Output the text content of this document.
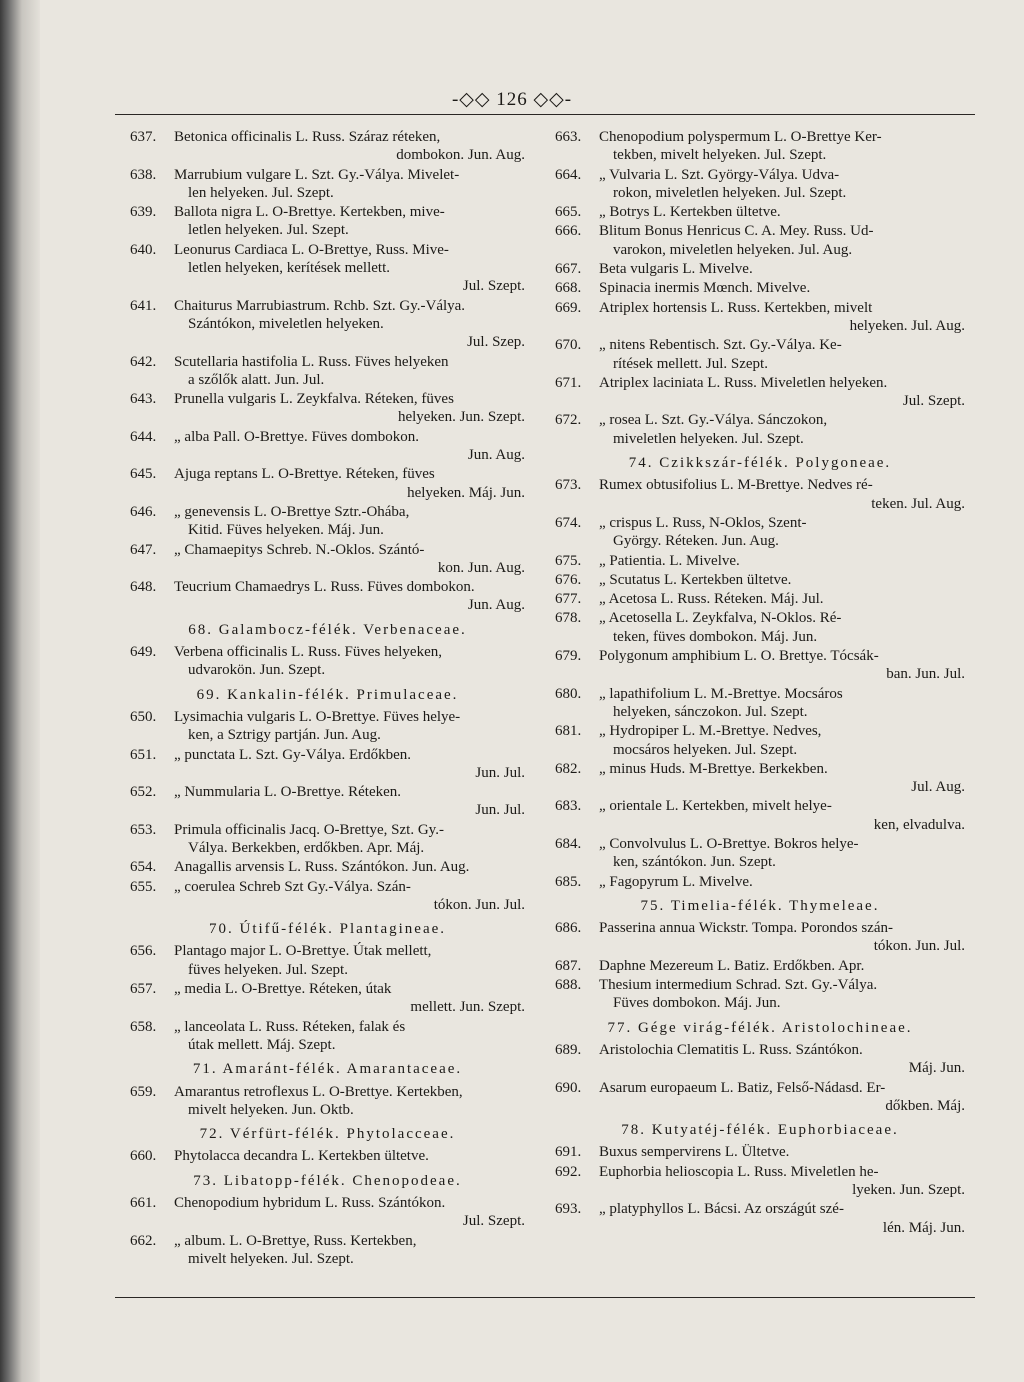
-◇◇ 126 ◇◇-
637. Betonica officinalis L. Russ. Száraz réteken,
dombokon. Jun. Aug.
638. Marrubium vulgare L. Szt. Gy.-Vályа. Mivelet-
len helyeken. Jul. Szept.
639. Ballota nigra L. O-Brettye. Kertekben, mive-
letlen helyeken. Jul. Szept.
640. Leonurus Cardiaca L. O-Brettye, Russ. Mive-
letlen helyeken, kerítések mellett.
Jul. Szept.
641. Chaiturus Marrubiastrum. Rchb. Szt. Gy.-Vályа.
Szántókon, miveletlen helyeken.
Jul. Szep.
642. Scutellaria hastifolia L. Russ. Füves helyeken
a szőlők alatt. Jun. Jul.
643. Prunella vulgaris L. Zeykfalva. Réteken, füves
helyeken. Jun. Szept.
644. „ alba Pall. O-Brettye. Füves dombokon.
Jun. Aug.
645. Ajuga reptans L. O-Brettye. Réteken, füves
helyeken. Máj. Jun.
646. „ genevensis L. O-Brettye Sztr.-Ohába,
Kitid. Füves helyeken. Máj. Jun.
647. „ Chamaepitys Schreb. N.-Oklos. Szántó-
kon. Jun. Aug.
648. Teucrium Chamaedrys L. Russ. Füves dombokon.
Jun. Aug.
68. Galambocz-félék. Verbenaceae.
649. Verbena officinalis L. Russ. Füves helyeken,
udvarokön. Jun. Szept.
69. Kankalin-félék. Primulaceae.
650. Lysimachia vulgaris L. O-Brettye. Füves helye-
ken, a Sztrigy partján. Jun. Aug.
651. „ punctata L. Szt. Gy-Vályа. Erdőkben.
Jun. Jul.
652. „ Nummularia L. O-Brettye. Réteken.
Jun. Jul.
653. Primula officinalis Jacq. O-Brettye, Szt. Gy.-
Vályа. Berkekben, erdőkben. Apr. Máj.
654. Anagallis arvensis L. Russ. Szántókon. Jun. Aug.
655. „ coerulea Schreb Szt Gy.-Vályа. Szán-
tókon. Jun. Jul.
70. Útifű-félék. Plantagineae.
656. Plantago major L. O-Brettye. Útak mellett,
füves helyeken. Jul. Szept.
657. „ media L. O-Brettye. Réteken, útak
mellett. Jun. Szept.
658. „ lanceolata L. Russ. Réteken, falak és
útak mellett. Máj. Szept.
71. Amaránt-félék. Amarantaceae.
659. Amarantus retroflexus L. O-Brettye. Kertekben,
mivelt helyeken. Jun. Oktb.
72. Vérfürt-félék. Phytolacceae.
660. Phytolacca decandra L. Kertekben ültetve.
73. Libatopp-félék. Chenopodeae.
661. Chenopodium hybridum L. Russ. Szántókon.
Jul. Szept.
662. „ album. L. O-Brettye, Russ. Kertekben,
mivelt helyeken. Jul. Szept.
663. Chenopodium polyspermum L. O-Brettye Ker-
tekben, mivelt helyeken. Jul. Szept.
664. „ Vulvaria L. Szt. György-Vályа. Udva-
rokon, miveletlen helyeken. Jul. Szept.
665. „ Botrys L. Kertekben ültetve.
666. Blitum Bonus Henricus C. A. Mey. Russ. Ud-
varokon, miveletlen helyeken. Jul. Aug.
667. Beta vulgaris L. Mivelve.
668. Spinacia inermis Mœnch. Mivelve.
669. Atriplex hortensis L. Russ. Kertekben, mivelt
helyeken. Jul. Aug.
670. „ nitens Rebentisch. Szt. Gy.-Vályа. Ke-
rítések mellett. Jul. Szept.
671. Atriplex laciniata L. Russ. Miveletlen helyeken.
Jul. Szept.
672. „ rosea L. Szt. Gy.-Vályа. Sánczokon,
miveletlen helyeken. Jul. Szept.
74. Czikkszár-félék. Polygoneae.
673. Rumex obtusifolius L. M-Brettye. Nedves ré-
teken. Jul. Aug.
674. „ crispus L. Russ, N-Oklos, Szent-
György. Réteken. Jun. Aug.
675. „ Patientia. L. Mivelve.
676. „ Scutatus L. Kertekben ültetve.
677. „ Acetosa L. Russ. Réteken. Máj. Jul.
678. „ Acetosella L. Zeykfalva, N-Oklos. Ré-
teken, füves dombokon. Máj. Jun.
679. Polygonum amphibium L. O. Brettye. Tócsák-
ban. Jun. Jul.
680. „ lapathifolium L. M.-Brettye. Mocsáros
helyeken, sánczokon. Jul. Szept.
681. „ Hydropiper L. M.-Brettye. Nedves,
mocsáros helyeken. Jul. Szept.
682. „ minus Huds. M-Brettye. Berkekben.
Jul. Aug.
683. „ orientale L. Kertekben, mivelt helye-
ken, elvadulva.
684. „ Convolvulus L. O-Brettye. Bokros helye-
ken, szántókon. Jun. Szept.
685. „ Fagopyrum L. Mivelve.
75. Timelia-félék. Thymeleae.
686. Passerina annua Wickstr. Tompa. Porondos szán-
tókon. Jun. Jul.
687. Daphne Mezereum L. Batiz. Erdőkben. Apr.
688. Thesium intermedium Schrad. Szt. Gy.-Vályа.
Füves dombokon. Máj. Jun.
77. Gége virág-félék. Aristolochineae.
689. Aristolochia Clematitis L. Russ. Szántókon.
Máj. Jun.
690. Asarum europaeum L. Batiz, Felső-Nádasd. Er-
dőkben. Máj.
78. Kutyatéj-félék. Euphorbiaceae.
691. Buxus sempervirens L. Ültetve.
692. Euphorbia helioscopia L. Russ. Miveletlen he-
lyeken. Jun. Szept.
693. „ platyphyllos L. Bácsi. Az országút szé-
lén. Máj. Jun.
